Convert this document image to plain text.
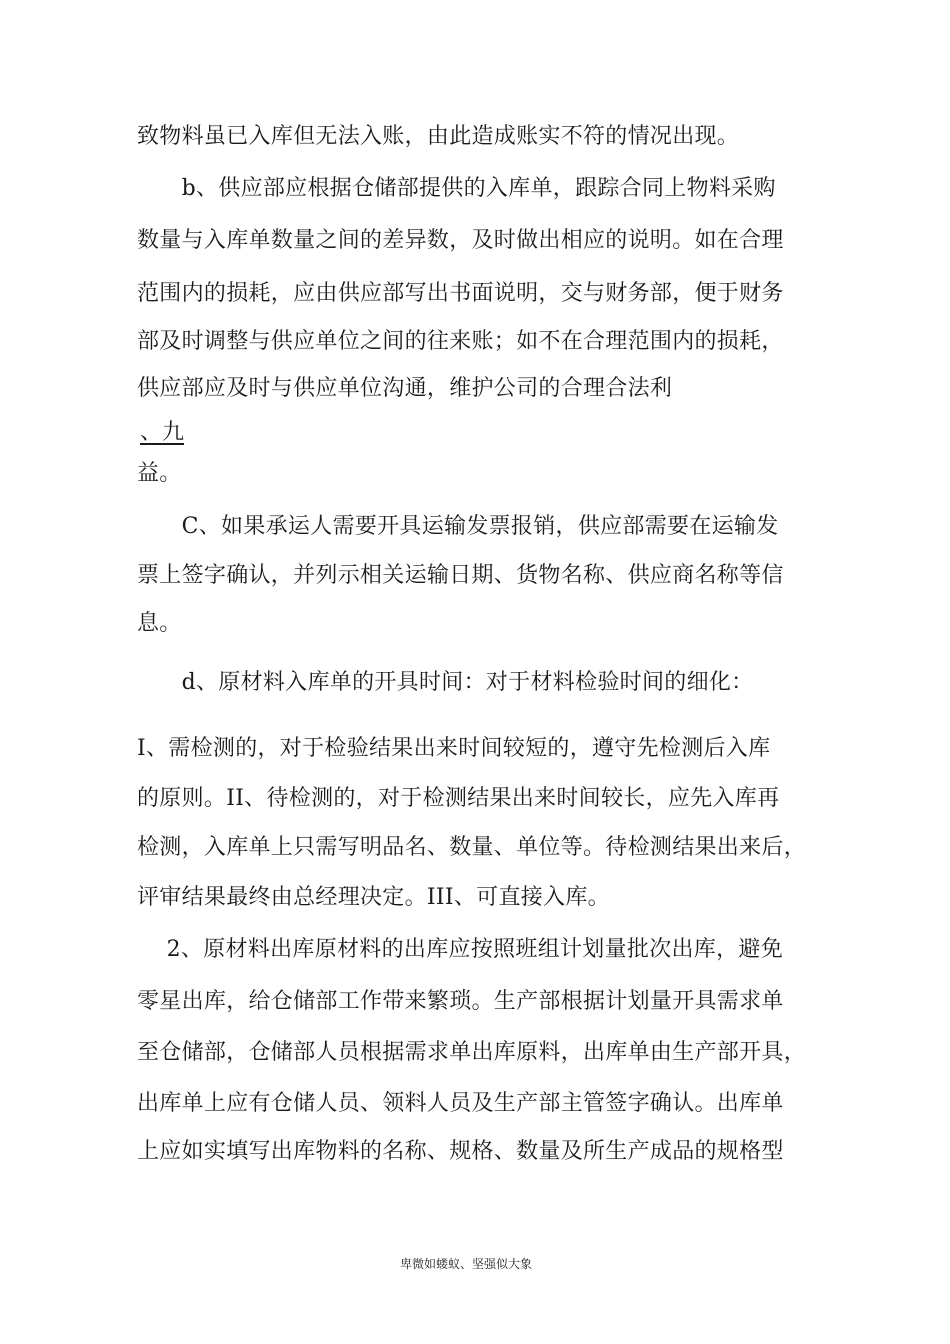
致物料虽已入库但无法入账，由此造成账实不符的情况出现。
　　b、供应部应根据仓储部提供的入库单，跟踪合同上物料采购
数量与入库单数量之间的差异数，及时做出相应的说明。如在合理
范围内的损耗，应由供应部写出书面说明，交与财务部，便于财务
部及时调整与供应单位之间的往来账；如不在合理范围内的损耗，
供应部应及时与供应单位沟通，维护公司的合理合法利
、九
益。
　　C、如果承运人需要开具运输发票报销，供应部需要在运输发
票上签字确认，并列示相关运输日期、货物名称、供应商名称等信
息。
　　d、原材料入库单的开具时间：对于材料检验时间的细化：
I、需检测的，对于检验结果出来时间较短的，遵守先检测后入库
的原则。II、待检测的，对于检测结果出来时间较长，应先入库再
检测，入库单上只需写明品名、数量、单位等。待检测结果出来后，
评审结果最终由总经理决定。III、可直接入库。
　 2、原材料出库原材料的出库应按照班组计划量批次出库，避免
零星出库，给仓储部工作带来繁琐。生产部根据计划量开具需求单
至仓储部，仓储部人员根据需求单出库原料，出库单由生产部开具，
出库单上应有仓储人员、领料人员及生产部主管签字确认。出库单
上应如实填写出库物料的名称、规格、数量及所生产成品的规格型
卑微如蝼蚁、坚强似大象
